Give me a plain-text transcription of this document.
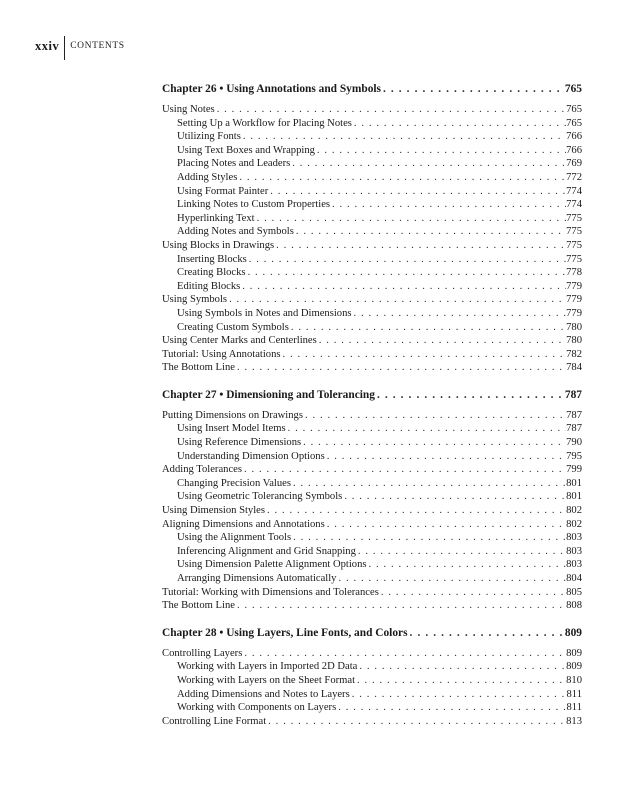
xxiv	CONTENTS
Chapter 26 • Using Annotations and Symbols . . .	765
Using Notes . . .	765
Setting Up a Workflow for Placing Notes . . .	765
Utilizing Fonts . . .	766
Using Text Boxes and Wrapping . . .	766
Placing Notes and Leaders . . .	769
Adding Styles . . .	772
Using Format Painter . . .	774
Linking Notes to Custom Properties . . .	774
Hyperlinking Text . . .	775
Adding Notes and Symbols . . .	775
Using Blocks in Drawings . . .	775
Inserting Blocks . . .	775
Creating Blocks . . .	778
Editing Blocks . . .	779
Using Symbols . . .	779
Using Symbols in Notes and Dimensions . . .	779
Creating Custom Symbols . . .	780
Using Center Marks and Centerlines . . .	780
Tutorial: Using Annotations . . .	782
The Bottom Line . . .	784
Chapter 27 • Dimensioning and Tolerancing . . .	787
Putting Dimensions on Drawings . . .	787
Using Insert Model Items . . .	787
Using Reference Dimensions . . .	790
Understanding Dimension Options . . .	795
Adding Tolerances . . .	799
Changing Precision Values . . .	801
Using Geometric Tolerancing Symbols . . .	801
Using Dimension Styles . . .	802
Aligning Dimensions and Annotations . . .	802
Using the Alignment Tools . . .	803
Inferencing Alignment and Grid Snapping . . .	803
Using Dimension Palette Alignment Options . . .	803
Arranging Dimensions Automatically . . .	804
Tutorial: Working with Dimensions and Tolerances . . .	805
The Bottom Line . . .	808
Chapter 28 • Using Layers, Line Fonts, and Colors . . .	809
Controlling Layers . . .	809
Working with Layers in Imported 2D Data . . .	809
Working with Layers on the Sheet Format . . .	810
Adding Dimensions and Notes to Layers . . .	811
Working with Components on Layers . . .	811
Controlling Line Format . . .	813
